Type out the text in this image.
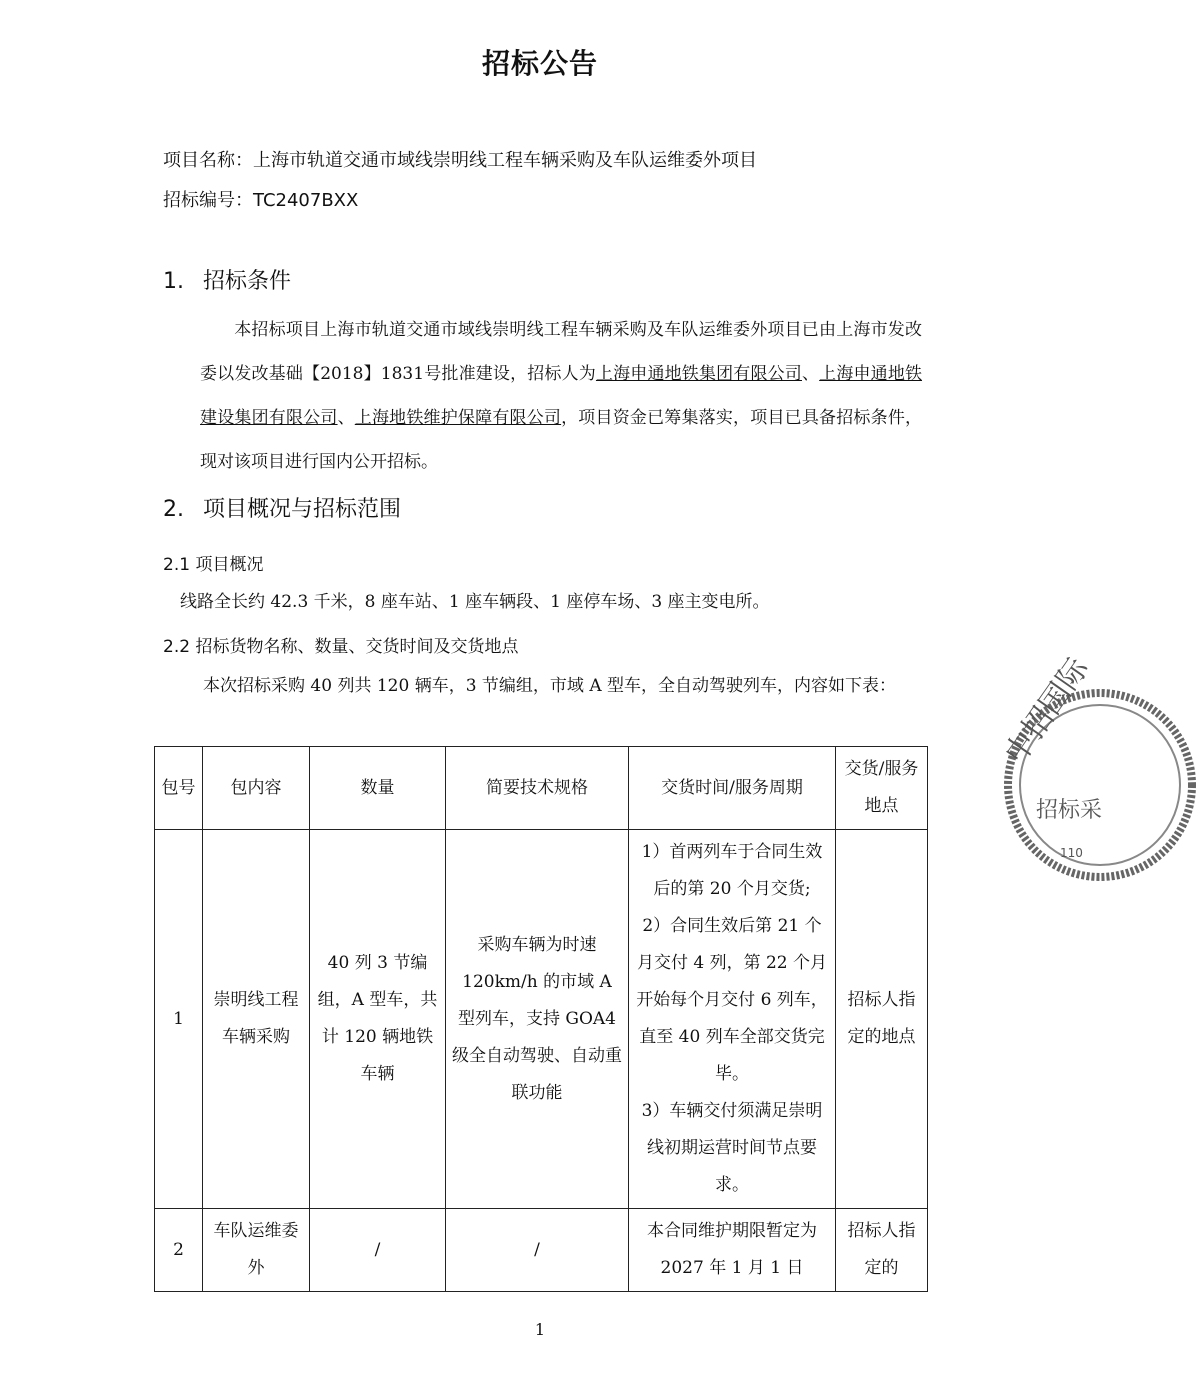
招标公告
项目名称：上海市轨道交通市域线崇明线工程车辆采购及车队运维委外项目
招标编号：TC2407BXX
1. 招标条件
本招标项目上海市轨道交通市域线崇明线工程车辆采购及车队运维委外项目已由上海市发改委以发改基础【2018】1831号批准建设，招标人为上海申通地铁集团有限公司、上海申通地铁建设集团有限公司、上海地铁维护保障有限公司，项目资金已筹集落实，项目已具备招标条件，现对该项目进行国内公开招标。
2. 项目概况与招标范围
2.1 项目概况
线路全长约 42.3 千米，8 座车站、1 座车辆段、1 座停车场、3 座主变电所。
2.2 招标货物名称、数量、交货时间及交货地点
本次招标采购 40 列共 120 辆车，3 节编组，市域 A 型车，全自动驾驶列车，内容如下表：
包号	包内容	数量	简要技术规格	交货时间/服务周期	交货/服务地点
1	崇明线工程车辆采购	40 列 3 节编组，A 型车，共计 120 辆地铁车辆	采购车辆为时速 120km/h 的市域 A 型列车，支持 GOA4 级全自动驾驶、自动重联功能	1）首两列车于合同生效后的第 20 个月交货;
2）合同生效后第 21 个月交付 4 列，第 22 个月开始每个月交付 6 列车，直至 40 列车全部交货完毕。
3）车辆交付须满足崇明线初期运营时间节点要求。	招标人指定的地点
2	车队运维委外	/	/	本合同维护期限暂定为 2027 年 1 月 1 日	招标人指定的
中招国际
招标采
110
1
